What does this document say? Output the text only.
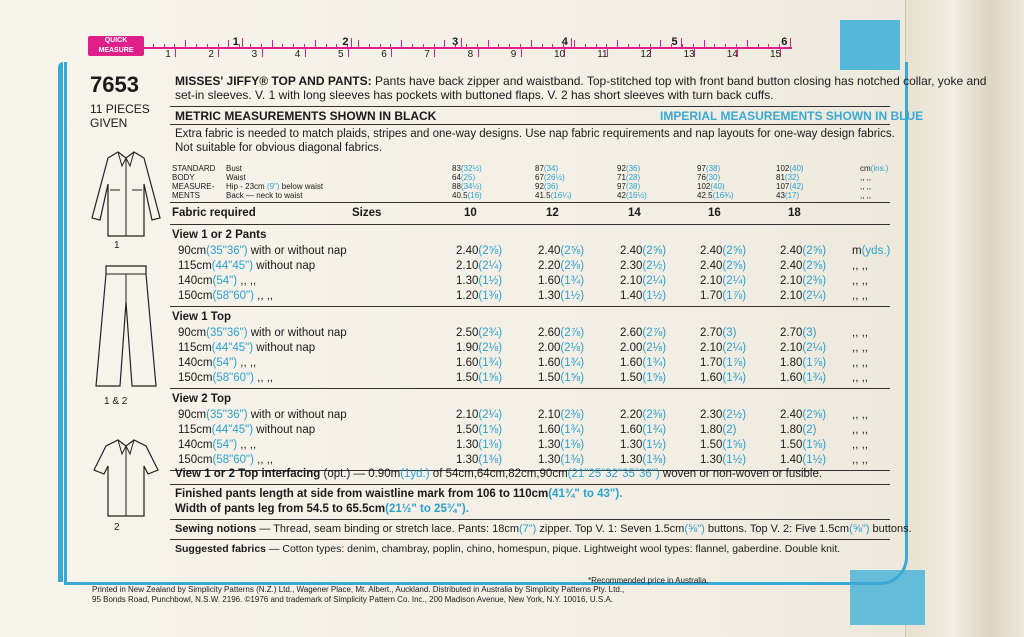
QUICK
MEASURE	1	2	3	4	5	6	7	8	9	10	11	12	13	14	15
1	2	3	4	5	6
7653
11 PIECES
GIVEN
MISSES' JIFFY® TOP AND PANTS: Pants have back zipper and waistband. Top-stitched top with front band button closing has notched collar, yoke and
set-in sleeves. V. 1 with long sleeves has pockets with buttoned flaps. V. 2 has short sleeves with turn back cuffs.
METRIC MEASUREMENTS SHOWN IN BLACK	IMPERIAL MEASUREMENTS SHOWN IN BLUE
Extra fabric is needed to match plaids, stripes and one-way designs. Use nap fabric requirements and nap layouts for one-way design fabrics.
Not suitable for obvious diagonal fabrics.
STANDARD
BODY
MEASURE-
MENTS
Bust	83(32½)	87(34)	92(36)	97(38)	102(40)	cm(ins.)
Waist	64(25)	67(26½)	71(28)	76(30)	81(32)	,, ,,
Hip - 23cm (9") below waist	88(34½)	92(36)	97(38)	102(40)	107(42)	,, ,,
Back — neck to waist	40.5(16)	41.5(16¼)	42(16½)	42.5(16¾)	43(17)	,, ,,
Fabric required	Sizes	10	12	14	16	18
View 1 or 2 Pants
90cm(35"36") with or without nap	2.40(2⅝)	2.40(2⅝)	2.40(2⅝)	2.40(2⅝)	2.40(2⅝) m(yds.)
115cm(44"45") without nap	2.10(2¼)	2.20(2⅜)	2.30(2½)	2.40(2⅝)	2.40(2⅝) ,, ,,
140cm(54") ,, ,,	1.30(1½)	1.60(1¾)	2.10(2¼)	2.10(2¼)	2.10(2⅜) ,, ,,
150cm(58"60") ,, ,,	1.20(1⅜)	1.30(1½)	1.40(1½)	1.70(1⅞)	2.10(2¼) ,, ,,
View 1 Top
90cm(35"36") with or without nap	2.50(2¾)	2.60(2⅞)	2.60(2⅞)	2.70(3)	2.70(3)	,, ,,
115cm(44"45") without nap	1.90(2⅛)	2.00(2⅛)	2.00(2⅛)	2.10(2¼)	2.10(2¼) ,, ,,
140cm(54") ,, ,,	1.60(1¾)	1.60(1¾)	1.60(1¾)	1.70(1⅞)	1.80(1⅞) ,, ,,
150cm(58"60") ,, ,,	1.50(1⅝)	1.50(1⅝)	1.50(1⅝)	1.60(1¾)	1.60(1¾) ,, ,,
View 2 Top
90cm(35"36") with or without nap	2.10(2¼)	2.10(2⅜)	2.20(2⅜)	2.30(2½)	2.40(2⅝) ,, ,,
115cm(44"45") without nap	1.50(1⅝)	1.60(1¾)	1.60(1¾)	1.80(2)	1.80(2)	,, ,,
140cm(54") ,, ,,	1.30(1⅜)	1.30(1⅜)	1.30(1½)	1.50(1⅝)	1.50(1⅝) ,, ,,
150cm(58"60") ,, ,,	1.30(1⅜)	1.30(1⅜)	1.30(1⅜)	1.30(1½)	1.40(1½) ,, ,,
View 1 or 2 Top interfacing (opt.) — 0.90m(1yd.) of 54cm,64cm,82cm,90cm(21"25"32"35"36") woven or non-woven or fusible.
Finished pants length at side from waistline mark from 106 to 110cm(41¾" to 43").
Width of pants leg from 54.5 to 65.5cm(21½" to 25¾").
Sewing notions — Thread, seam binding or stretch lace. Pants: 18cm(7") zipper. Top V. 1: Seven 1.5cm(⅝") buttons. Top V. 2: Five 1.5cm(⅝") buttons.
Suggested fabrics — Cotton types: denim, chambray, poplin, chino, homespun, pique. Lightweight wool types: flannel, gaberdine. Double knit.
1
1 & 2
2
Printed in New Zealand by Simplicity Patterns (N.Z.) Ltd., Wagener Place, Mt. Albert., Auckland. Distributed in Australia by Simplicity Patterns Pty. Ltd.,
95 Bonds Road, Punchbowl, N.S.W. 2196. ©1976 and trademark of Simplicity Pattern Co. Inc., 200 Madison Avenue, New York, N.Y. 10016, U.S.A.
*Recommended price in Australia.
